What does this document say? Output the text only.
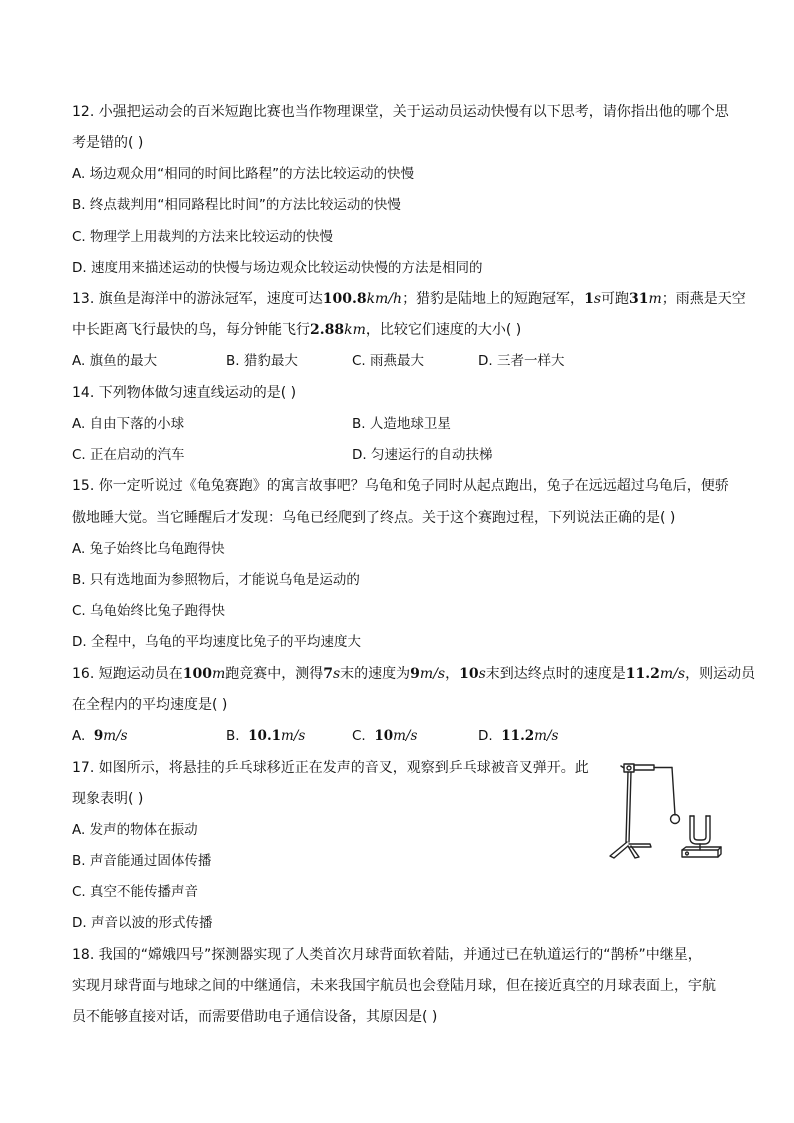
12. 小强把运动会的百米短跑比赛也当作物理课堂，关于运动员运动快慢有以下思考，请你指出他的哪个思
考是错的( )
A. 场边观众用“相同的时间比路程”的方法比较运动的快慢
B. 终点裁判用“相同路程比时间”的方法比较运动的快慢
C. 物理学上用裁判的方法来比较运动的快慢
D. 速度用来描述运动的快慢与场边观众比较运动快慢的方法是相同的
13. 旗鱼是海洋中的游泳冠军，速度可达100.8km/h；猎豹是陆地上的短跑冠军，1s可跑31m；雨燕是天空
中长距离飞行最快的鸟，每分钟能飞行2.88km，比较它们速度的大小( )
A. 旗鱼的最大	B. 猎豹最大	C. 雨燕最大	D. 三者一样大
14. 下列物体做匀速直线运动的是( )
A. 自由下落的小球	B. 人造地球卫星
C. 正在启动的汽车	D. 匀速运行的自动扶梯
15. 你一定听说过《龟兔赛跑》的寓言故事吧？乌龟和兔子同时从起点跑出，兔子在远远超过乌龟后，便骄
傲地睡大觉。当它睡醒后才发现：乌龟已经爬到了终点。关于这个赛跑过程，下列说法正确的是( )
A. 兔子始终比乌龟跑得快
B. 只有选地面为参照物后，才能说乌龟是运动的
C. 乌龟始终比兔子跑得快
D. 全程中，乌龟的平均速度比兔子的平均速度大
16. 短跑运动员在100m跑竞赛中，测得7s末的速度为9m/s，10s末到达终点时的速度是11.2m/s，则运动员
在全程内的平均速度是( )
A. 9m/s	B. 10.1m/s	C. 10m/s	D. 11.2m/s
17. 如图所示，将悬挂的乒乓球移近正在发声的音叉，观察到乒乓球被音叉弹开。此
现象表明( )
A. 发声的物体在振动
B. 声音能通过固体传播
C. 真空不能传播声音
D. 声音以波的形式传播
18. 我国的“嫦娥四号”探测器实现了人类首次月球背面软着陆，并通过已在轨道运行的“鹊桥”中继星，
实现月球背面与地球之间的中继通信，未来我国宇航员也会登陆月球，但在接近真空的月球表面上，宇航
员不能够直接对话，而需要借助电子通信设备，其原因是( )
